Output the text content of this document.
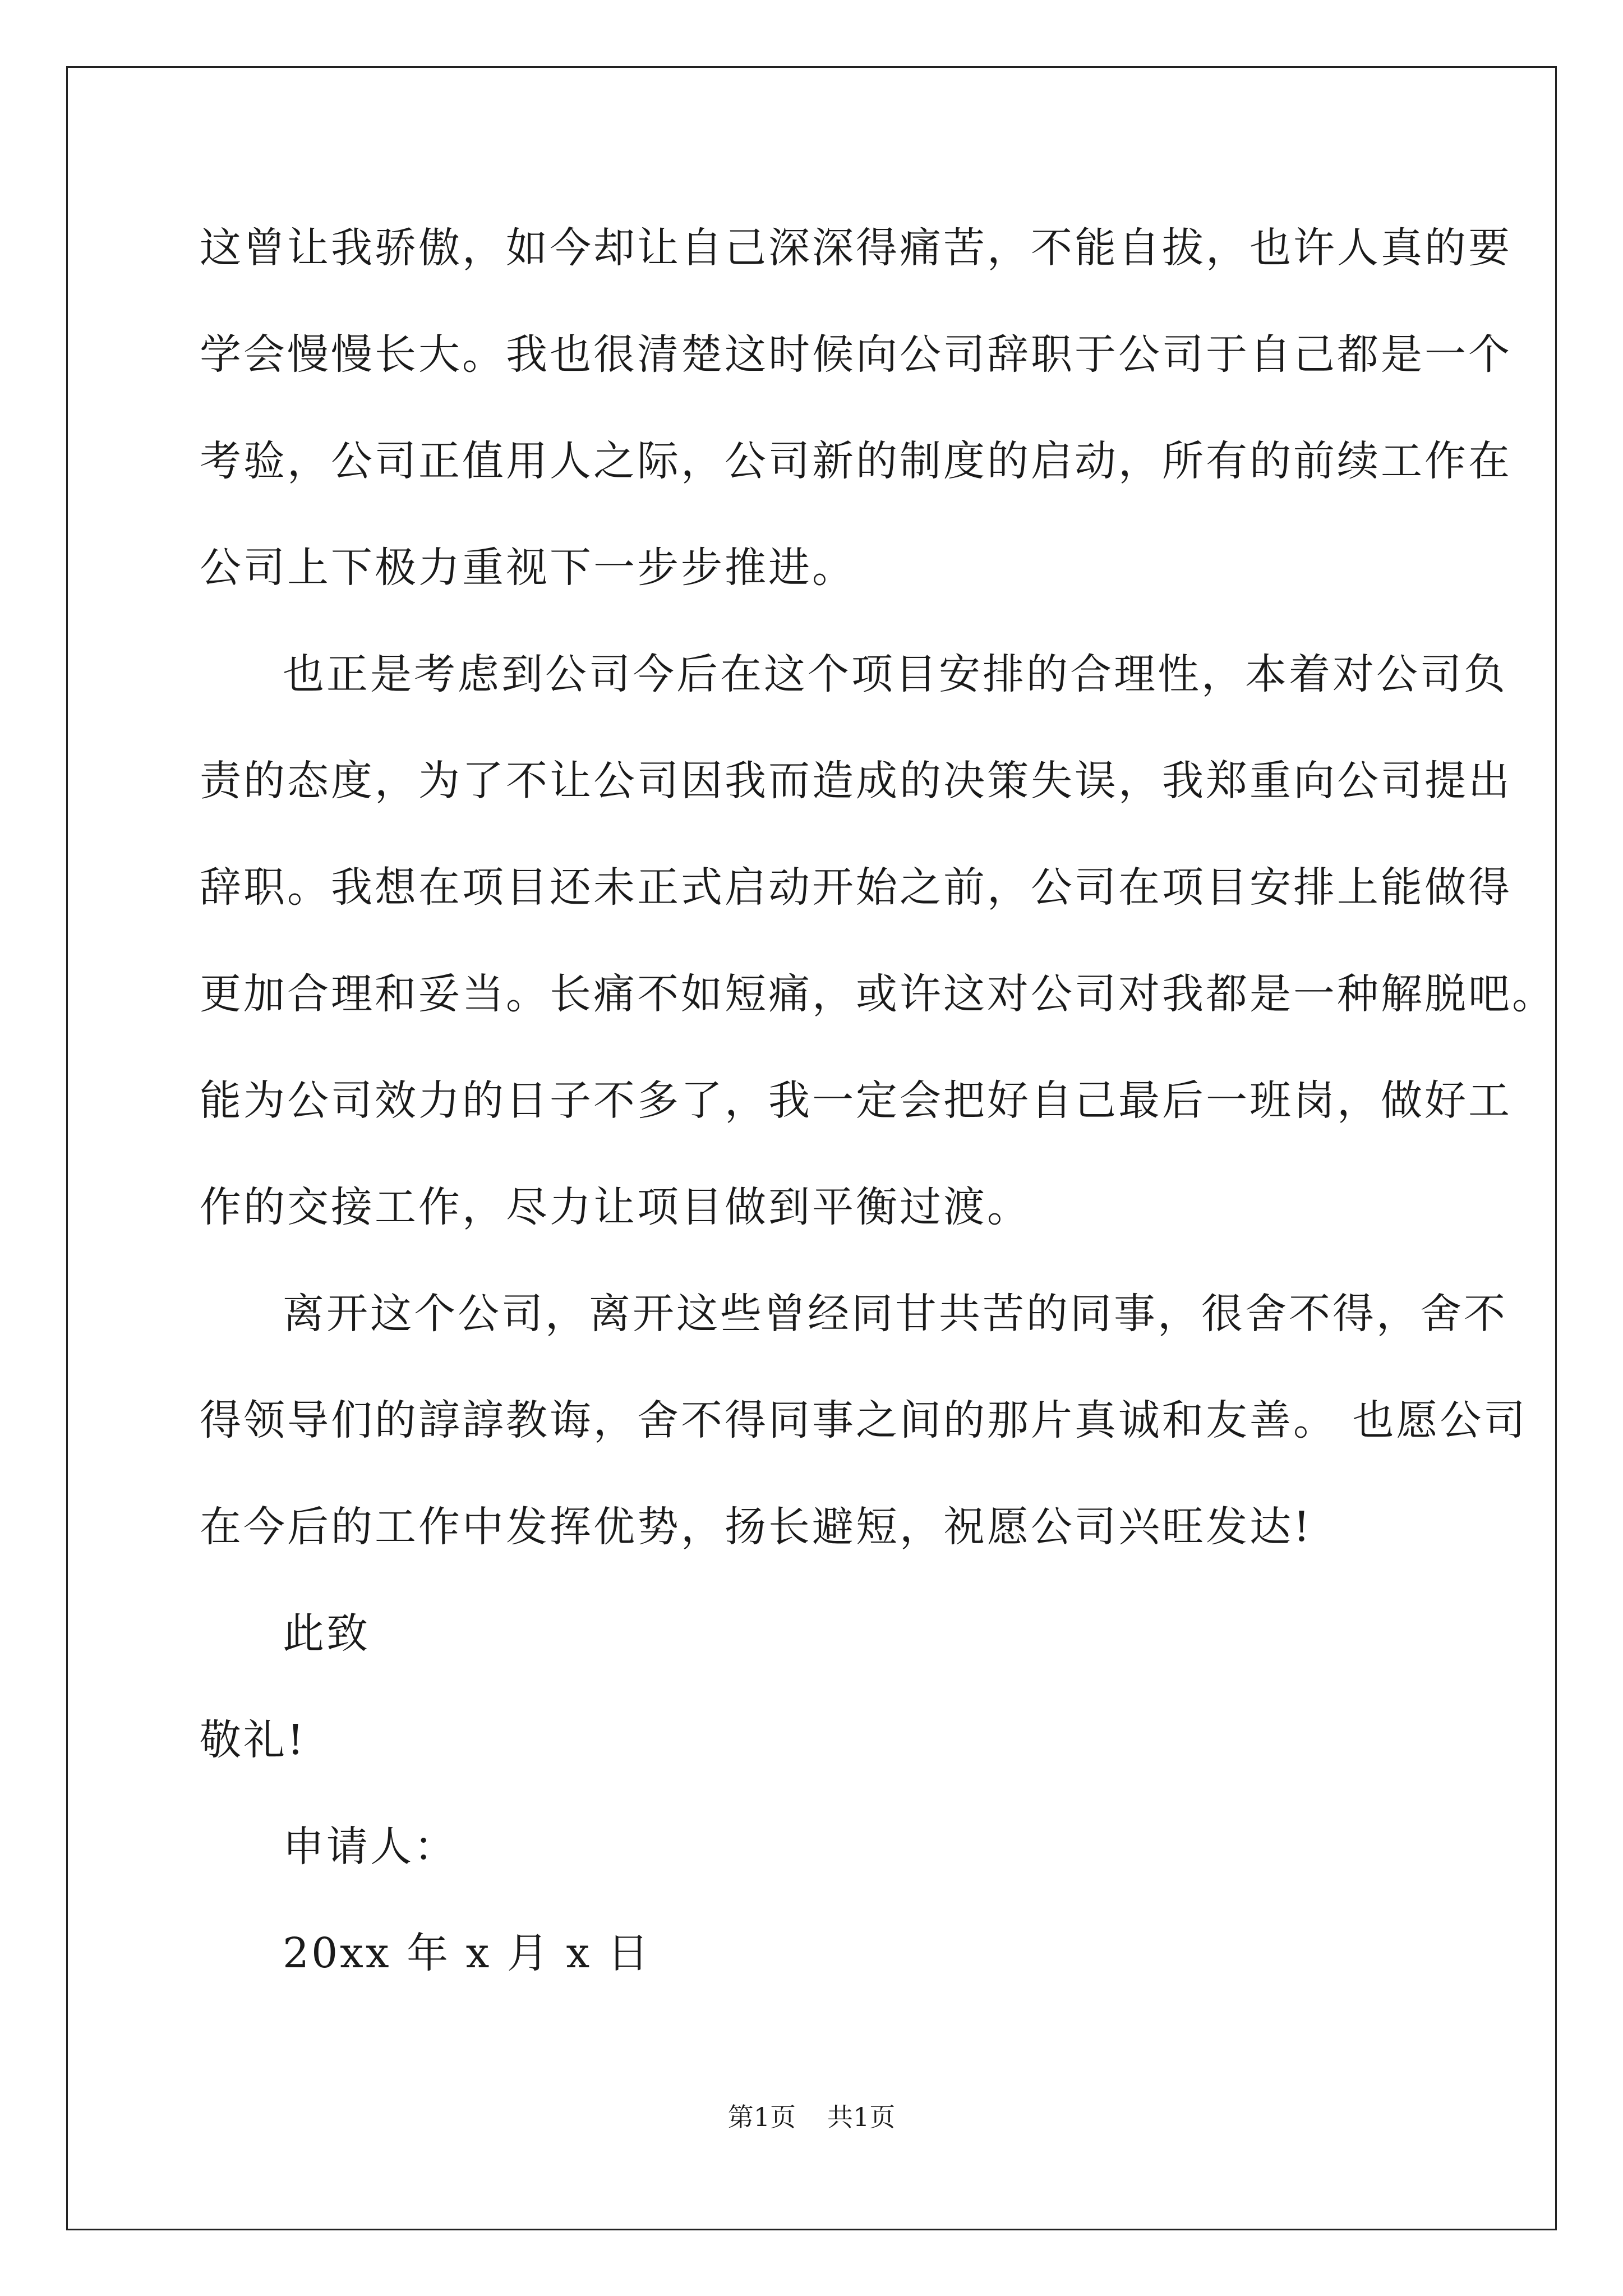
这曾让我骄傲，如今却让自己深深得痛苦，不能自拔，也许人真的要
学会慢慢长大。我也很清楚这时候向公司辞职于公司于自己都是一个
考验，公司正值用人之际，公司新的制度的启动，所有的前续工作在
公司上下极力重视下一步步推进。
也正是考虑到公司今后在这个项目安排的合理性，本着对公司负
责的态度，为了不让公司因我而造成的决策失误，我郑重向公司提出
辞职。我想在项目还未正式启动开始之前，公司在项目安排上能做得
更加合理和妥当。长痛不如短痛，或许这对公司对我都是一种解脱吧。
能为公司效力的日子不多了，我一定会把好自己最后一班岗，做好工
作的交接工作，尽力让项目做到平衡过渡。
离开这个公司，离开这些曾经同甘共苦的同事，很舍不得，舍不
得领导们的諄諄教诲，舍不得同事之间的那片真诚和友善。 也愿公司
在今后的工作中发挥优势，扬长避短，祝愿公司兴旺发达!
此致
敬礼!
申请人：
20xx 年 x 月 x 日
第1页 共1页
